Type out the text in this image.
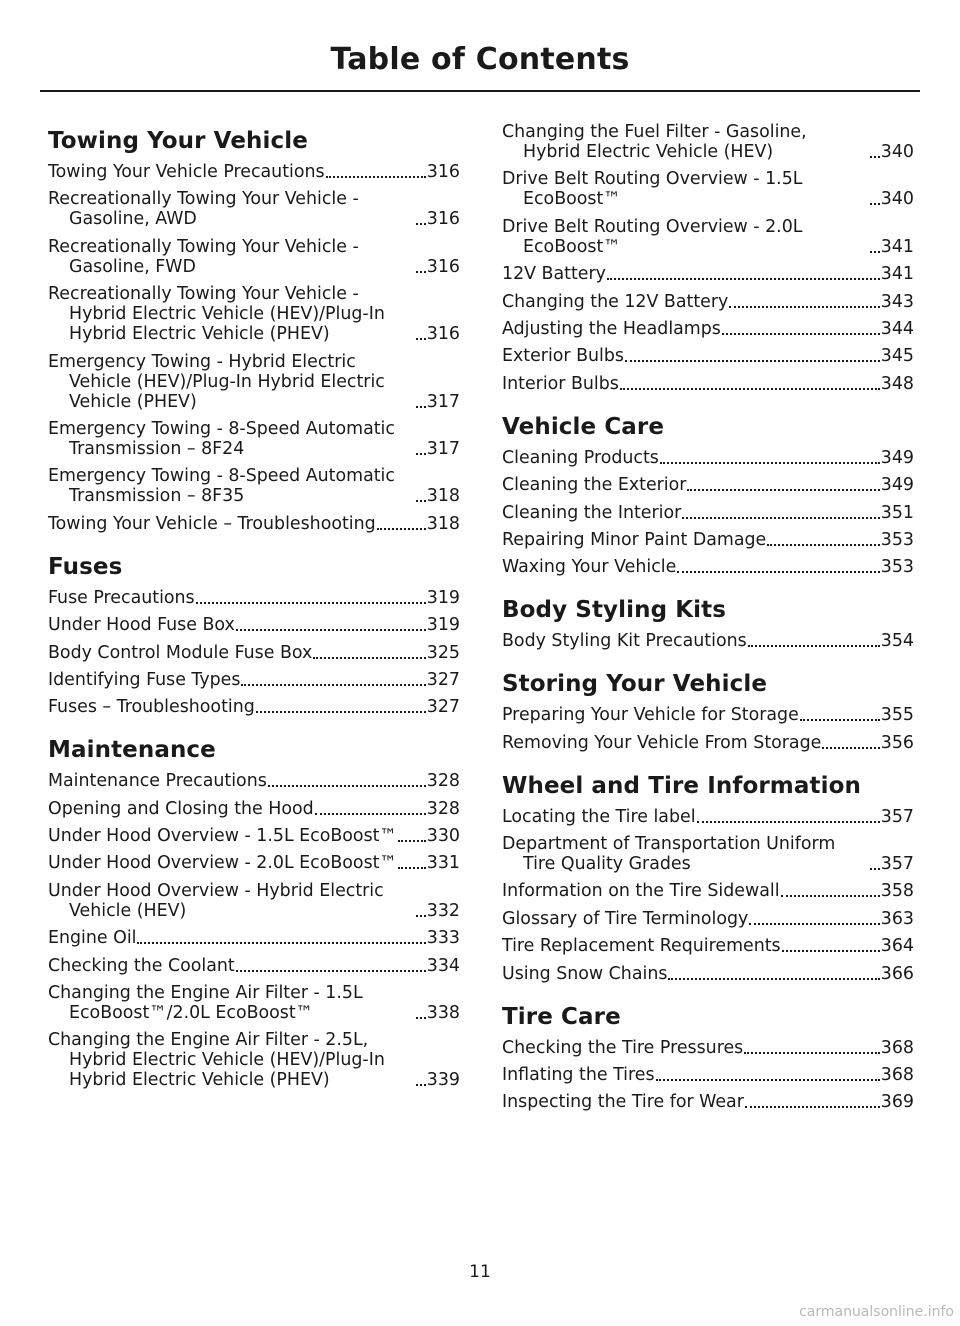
Table of Contents
Towing Your Vehicle
Towing Your Vehicle Precautions	316
Recreationally Towing Your Vehicle - Gasoline, AWD	316
Recreationally Towing Your Vehicle - Gasoline, FWD	316
Recreationally Towing Your Vehicle - Hybrid Electric Vehicle (HEV)/Plug-In Hybrid Electric Vehicle (PHEV)	316
Emergency Towing - Hybrid Electric Vehicle (HEV)/Plug-In Hybrid Electric Vehicle (PHEV)	317
Emergency Towing - 8-Speed Automatic Transmission – 8F24	317
Emergency Towing - 8-Speed Automatic Transmission – 8F35	318
Towing Your Vehicle – Troubleshooting	318
Fuses
Fuse Precautions	319
Under Hood Fuse Box	319
Body Control Module Fuse Box	325
Identifying Fuse Types	327
Fuses – Troubleshooting	327
Maintenance
Maintenance Precautions	328
Opening and Closing the Hood	328
Under Hood Overview - 1.5L EcoBoost™ 330
Under Hood Overview - 2.0L EcoBoost™ 331
Under Hood Overview - Hybrid Electric Vehicle (HEV)	332
Engine Oil	333
Checking the Coolant	334
Changing the Engine Air Filter - 1.5L EcoBoost™/2.0L EcoBoost™	338
Changing the Engine Air Filter - 2.5L, Hybrid Electric Vehicle (HEV)/Plug-In Hybrid Electric Vehicle (PHEV)	339
Changing the Fuel Filter - Gasoline, Hybrid Electric Vehicle (HEV)	340
Drive Belt Routing Overview - 1.5L EcoBoost™	340
Drive Belt Routing Overview - 2.0L EcoBoost™	341
12V Battery	341
Changing the 12V Battery	343
Adjusting the Headlamps	344
Exterior Bulbs	345
Interior Bulbs	348
Vehicle Care
Cleaning Products	349
Cleaning the Exterior	349
Cleaning the Interior	351
Repairing Minor Paint Damage	353
Waxing Your Vehicle	353
Body Styling Kits
Body Styling Kit Precautions	354
Storing Your Vehicle
Preparing Your Vehicle for Storage	355
Removing Your Vehicle From Storage	356
Wheel and Tire Information
Locating the Tire label	357
Department of Transportation Uniform Tire Quality Grades	357
Information on the Tire Sidewall	358
Glossary of Tire Terminology	363
Tire Replacement Requirements	364
Using Snow Chains	366
Tire Care
Checking the Tire Pressures	368
Inflating the Tires	368
Inspecting the Tire for Wear	369
11
carmanualsonline.info
